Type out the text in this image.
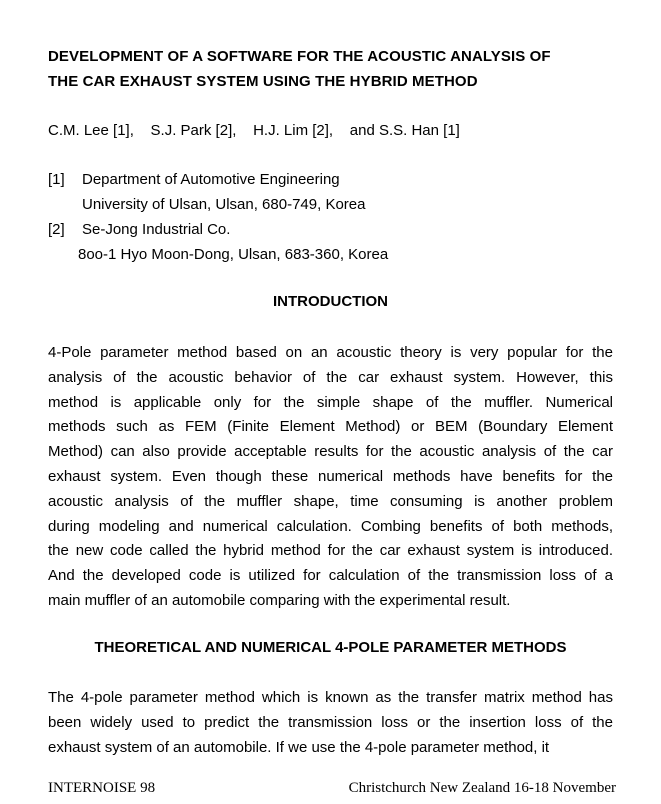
DEVELOPMENT OF A SOFTWARE FOR THE ACOUSTIC ANALYSIS OF
THE CAR EXHAUST SYSTEM USING THE HYBRID METHOD
C.M. Lee [1],    S.J. Park [2],    H.J. Lim [2],    and S.S. Han [1]
[1] Department of Automotive Engineering
University of Ulsan, Ulsan, 680-749, Korea
[2] Se-Jong Industrial Co.
8oo-1 Hyo Moon-Dong, Ulsan, 683-360, Korea
INTRODUCTION
4-Pole parameter method based on an acoustic theory is very popular for the
analysis of the acoustic behavior of the car exhaust system. However, this
method is applicable only for the simple shape of the muffler. Numerical
methods such as FEM (Finite Element Method) or BEM (Boundary Element
Method) can also provide acceptable results for the acoustic analysis of the car
exhaust system. Even though these numerical methods have benefits for the
acoustic analysis of the muffler shape, time consuming is another problem
during modeling and numerical calculation. Combing benefits of both methods,
the new code called the hybrid method for the car exhaust system is introduced.
And the developed code is utilized for calculation of the transmission loss of a
main muffler of an automobile comparing with the experimental result.
THEORETICAL AND NUMERICAL 4-POLE PARAMETER METHODS
The 4-pole parameter method which is known as the transfer matrix method has
been widely used to predict the transmission loss or the insertion loss of the
exhaust system of an automobile. If we use the 4-pole parameter method, it
INTERNOISE 98	Christchurch New Zealand 16-18 November
